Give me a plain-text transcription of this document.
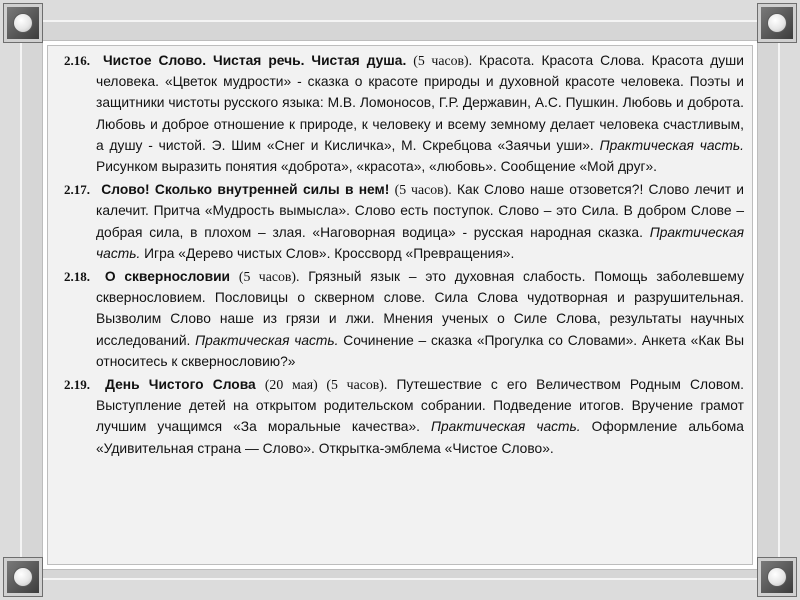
2.16. Чистое Слово. Чистая речь. Чистая душа. (5 часов). Красота. Красота Слова. Красота души человека. «Цветок мудрости» - сказка о красоте природы и духовной красоте человека. Поэты и защитники чистоты русского языка: М.В. Ломоносов, Г.Р. Державин, А.С. Пушкин. Любовь и доброта. Любовь и доброе отношение к природе, к человеку и всему земному делает человека счастливым, а душу - чистой. Э. Шим «Снег и Кисличка», М. Скребцова «Заячьи уши». Практическая часть. Рисунком выразить понятия «доброта», «красота», «любовь». Сообщение «Мой друг».

2.17. Слово! Сколько внутренней силы в нем! (5 часов). Как Слово наше отзовется?! Слово лечит и калечит. Притча «Мудрость вымысла». Слово есть поступок. Слово – это Сила. В добром Слове – добрая сила, в плохом – злая. «Наговорная водица» - русская народная сказка. Практическая часть. Игра «Дерево чистых Слов». Кроссворд «Превращения».

2.18. О сквернословии (5 часов). Грязный язык – это духовная слабость. Помощь заболевшему сквернословием. Пословицы о скверном слове. Сила Слова чудотворная и разрушительная. Вызволим Слово наше из грязи и лжи. Мнения ученых о Силе Слова, результаты научных исследований. Практическая часть. Сочинение – сказка «Прогулка со Словами». Анкета «Как Вы относитесь к сквернословию?»

2.19. День Чистого Слова (20 мая) (5 часов). Путешествие с его Величеством Родным Словом. Выступление детей на открытом родительском собрании. Подведение итогов. Вручение грамот лучшим учащимся «За моральные качества». Практическая часть. Оформление альбома «Удивительная страна — Слово». Открытка-эмблема «Чистое Слово».
